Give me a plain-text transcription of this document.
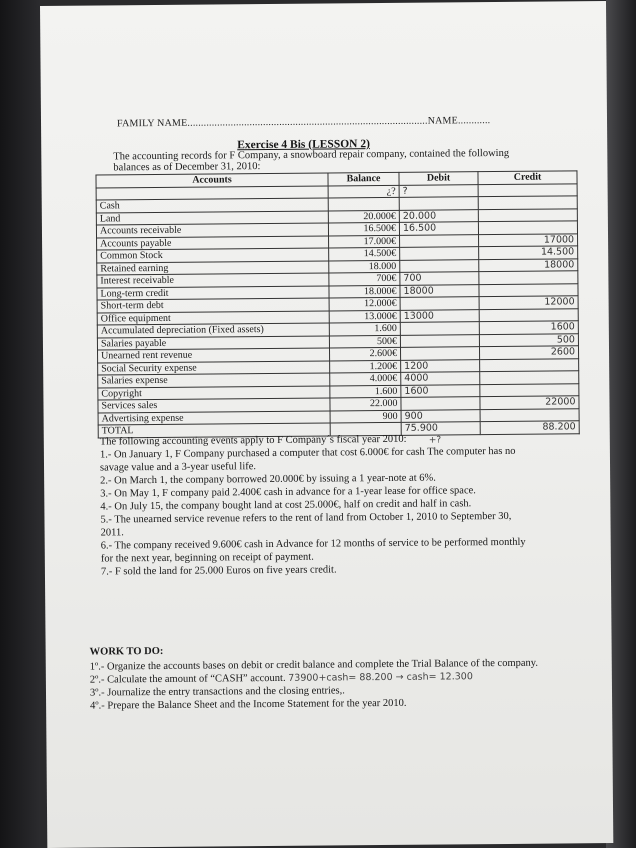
FAMILY NAME.........................................................................................NAME............
Exercise 4 Bis (LESSON 2)
The accounting records for F Company, a snowboard repair company, contained the following balances as of December 31, 2010:
Accounts	Balance	Debit	Credit
	¿?	?	
Cash			
Land	20.000€	20.000	
Accounts receivable	16.500€	16.500	
Accounts payable	17.000€		17000
Common Stock	14.500€		14.500
Retained earning	18.000		18000
Interest receivable	700€	700	
Long-term credit	18.000€	18000	
Short-term debt	12.000€		12000
Office equipment	13.000€	13000	
Accumulated depreciation (Fixed assets)	1.600		1600
Salaries payable	500€		500
Unearned rent revenue	2.600€		2600
Social Security expense	1.200€	1200	
Salaries expense	4.000€	4000	
Copyright	1.600	1600	
Services sales	22.000		22000
Advertising expense	900	900	
TOTAL		75.900	88.200
+?

The following accounting events apply to F Company´s fiscal year 2010:

1.- On January 1, F Company purchased a computer that cost 6.000€ for cash The computer has no savage value and a 3-year useful life.

2.- On March 1, the company borrowed 20.000€ by issuing a 1 year-note at 6%.

3.- On May 1, F company paid 2.400€ cash in advance for a 1-year lease for office space.

4.- On July 15, the company bought land at cost 25.000€, half on credit and half in cash.

5.- The unearned service revenue refers to the rent of land from October 1, 2010 to September 30, 2011.

6.- The company received 9.600€ cash in Advance for 12 months of service to be performed monthly for the next year, beginning on receipt of payment.

7.- F sold the land for 25.000 Euros on five years credit.

WORK TO DO:

1º.- Organize the accounts bases on debit or credit balance and complete the Trial Balance of the company.

2º.- Calculate the amount of “CASH” account. 73900+cash= 88.200 → cash= 12.300

3º.- Journalize the entry transactions and the closing entries,.

4º.- Prepare the Balance Sheet and the Income Statement for the year 2010.
